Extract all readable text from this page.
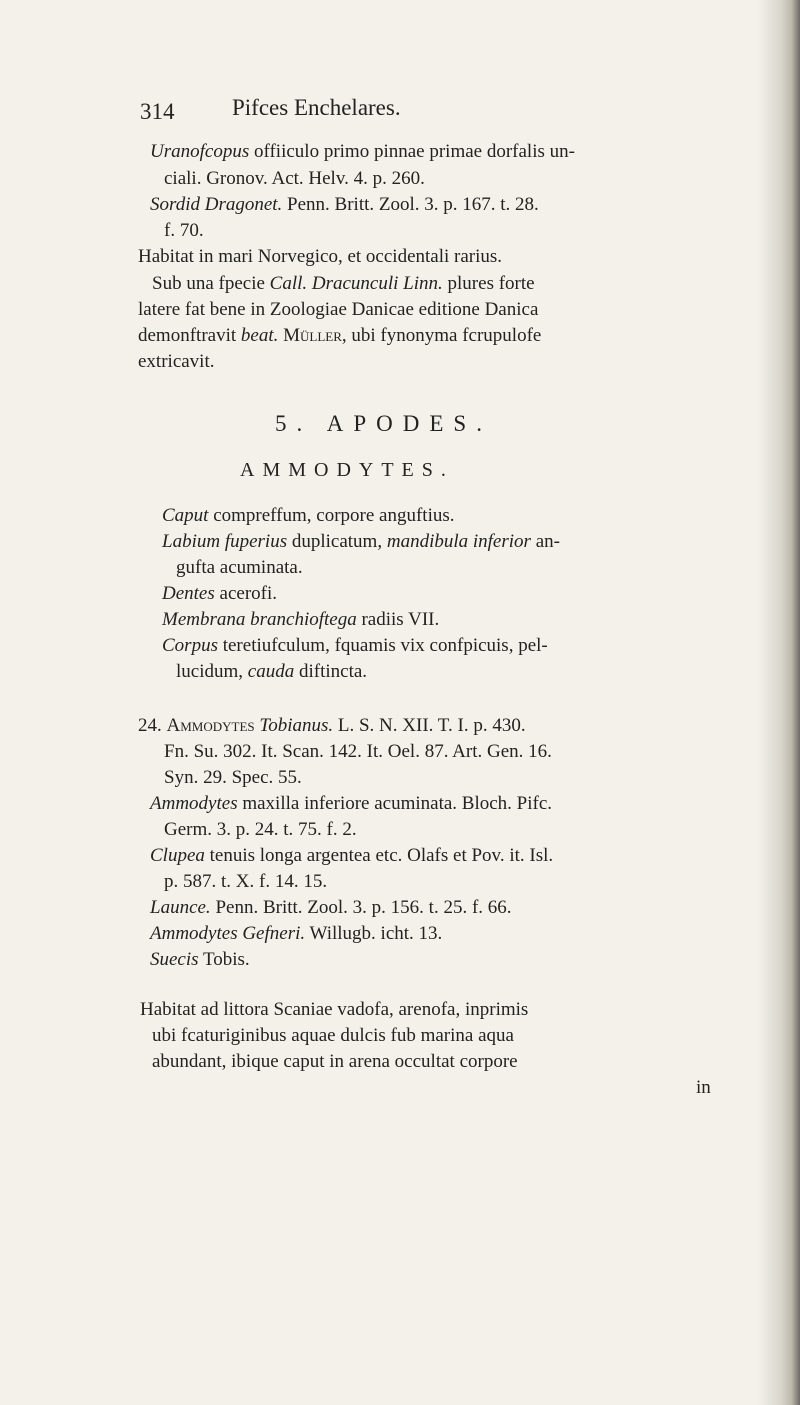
314	Pifces Enchelares.
Uranofcopus offiiculo primo pinnae primae dorfalis un-
ciali. Gronov. Act. Helv. 4. p. 260.
Sordid Dragonet. Penn. Britt. Zool. 3. p. 167. t. 28.
f. 70.
Habitat in mari Norvegico, et occidentali rarius.
Sub una fpecie Call. Dracunculi Linn. plures forte
latere fat bene in Zoologiae Danicae editione Danica
demonftravit beat. Müller, ubi fynonyma fcrupulofe
extricavit.
5. APODES.
AMMODYTES.
Caput compreffum, corpore anguftius.
Labium fuperius duplicatum, mandibula inferior an-
gufta acuminata.
Dentes acerofi.
Membrana branchioftega radiis VII.
Corpus teretiufculum, fquamis vix confpicuis, pel-
lucidum, cauda diftincta.
24. Ammodytes Tobianus. L. S. N. XII. T. I. p. 430.
Fn. Su. 302. It. Scan. 142. It. Oel. 87. Art. Gen. 16.
Syn. 29. Spec. 55.
Ammodytes maxilla inferiore acuminata. Bloch. Pifc.
Germ. 3. p. 24. t. 75. f. 2.
Clupea tenuis longa argentea etc. Olafs et Pov. it. Isl.
p. 587. t. X. f. 14. 15.
Launce. Penn. Britt. Zool. 3. p. 156. t. 25. f. 66.
Ammodytes Gefneri. Willugb. icht. 13.
Suecis Tobis.
Habitat ad littora Scaniae vadofa, arenofa, inprimis
ubi fcaturiginibus aquae dulcis fub marina aqua
abundant, ibique caput in arena occultat corpore
in
